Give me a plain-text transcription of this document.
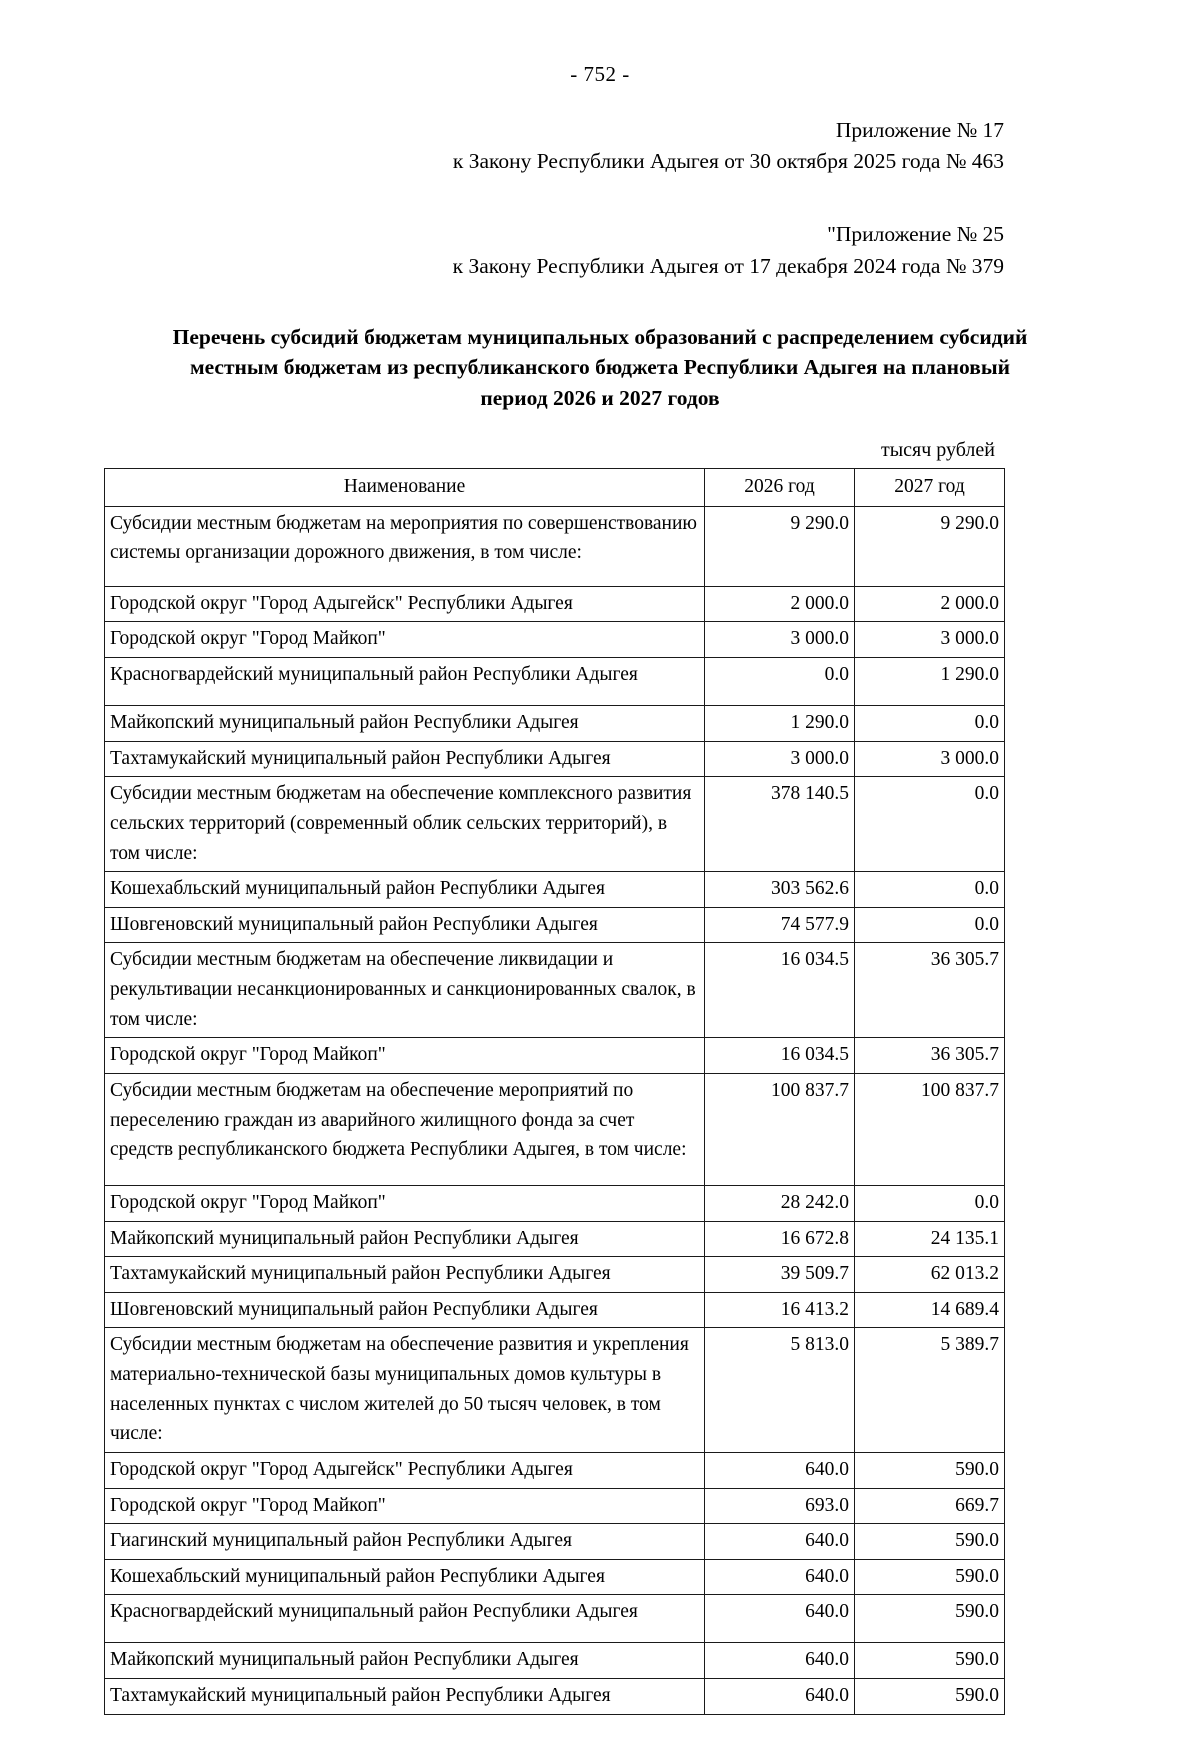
- 752 -
Приложение № 17
к Закону Республики Адыгея от 30 октября 2025 года № 463
"Приложение № 25
к Закону Республики Адыгея от 17 декабря 2024 года № 379
Перечень субсидий бюджетам муниципальных образований с распределением субсидий
местным бюджетам из республиканского бюджета Республики Адыгея на плановый
период 2026 и 2027 годов
тысяч рублей
Наименование	2026 год	2027 год
Субсидии местным бюджетам на мероприятия по совершенствованию системы организации дорожного движения, в том числе:	9 290.0	9 290.0
Городской округ "Город Адыгейск" Республики Адыгея	2 000.0	2 000.0
Городской округ "Город Майкоп"	3 000.0	3 000.0
Красногвардейский муниципальный район Республики Адыгея	0.0	1 290.0
Майкопский муниципальный район Республики Адыгея	1 290.0	0.0
Тахтамукайский муниципальный район Республики Адыгея	3 000.0	3 000.0
Субсидии местным бюджетам на обеспечение комплексного развития сельских территорий (современный облик сельских территорий), в том числе:	378 140.5	0.0
Кошехабльский муниципальный район Республики Адыгея	303 562.6	0.0
Шовгеновский муниципальный район Республики Адыгея	74 577.9	0.0
Субсидии местным бюджетам на обеспечение ликвидации и рекультивации несанкционированных и санкционированных свалок, в том числе:	16 034.5	36 305.7
Городской округ "Город Майкоп"	16 034.5	36 305.7
Субсидии местным бюджетам на обеспечение мероприятий по переселению граждан из аварийного жилищного фонда за счет средств республиканского бюджета Республики Адыгея, в том числе:	100 837.7	100 837.7
Городской округ "Город Майкоп"	28 242.0	0.0
Майкопский муниципальный район Республики Адыгея	16 672.8	24 135.1
Тахтамукайский муниципальный район Республики Адыгея	39 509.7	62 013.2
Шовгеновский муниципальный район Республики Адыгея	16 413.2	14 689.4
Субсидии местным бюджетам на обеспечение развития и укрепления материально-технической базы муниципальных домов культуры в населенных пунктах с числом жителей до 50 тысяч человек, в том числе:	5 813.0	5 389.7
Городской округ "Город Адыгейск" Республики Адыгея	640.0	590.0
Городской округ "Город Майкоп"	693.0	669.7
Гиагинский муниципальный район Республики Адыгея	640.0	590.0
Кошехабльский муниципальный район Республики Адыгея	640.0	590.0
Красногвардейский муниципальный район Республики Адыгея	640.0	590.0
Майкопский муниципальный район Республики Адыгея	640.0	590.0
Тахтамукайский муниципальный район Республики Адыгея	640.0	590.0
